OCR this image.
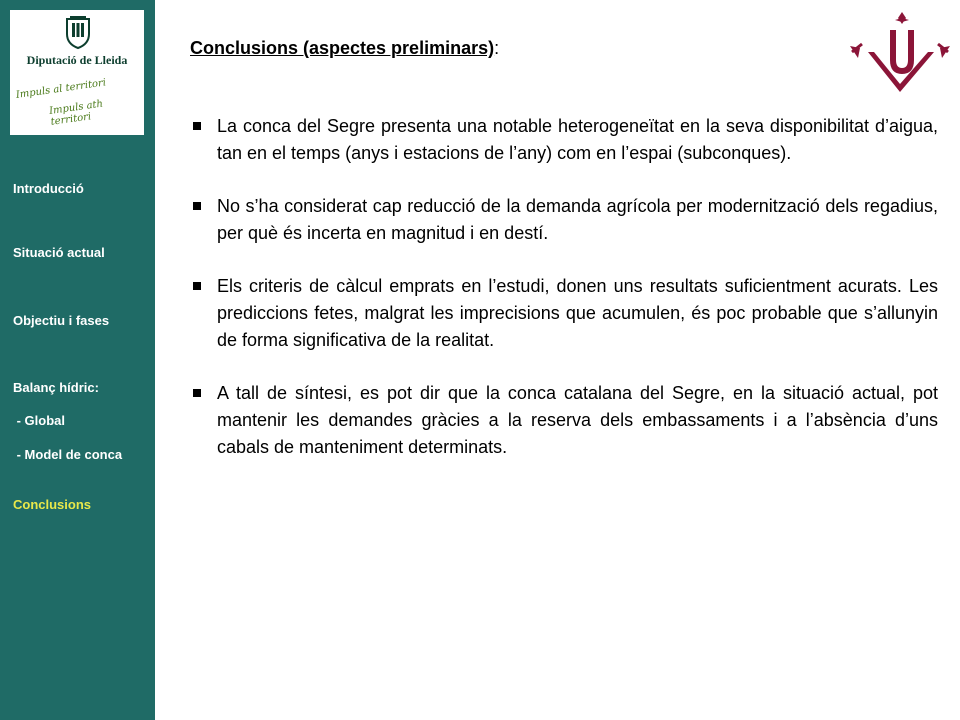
Diputació de Lleida
Impuls al territori
Impuls ath territori
Introducció
Situació actual
Objectiu i fases
Balanç hídric:
- Global
- Model de conca
Conclusions
Conclusions (aspectes preliminars):
La conca del Segre presenta una notable heterogeneïtat en la seva disponibilitat d’aigua, tan en el temps (anys i estacions de l’any) com en l’espai (subconques).
No s’ha considerat cap reducció de la demanda agrícola per modernització dels regadius, per què és incerta en magnitud i en destí.
Els criteris de càlcul emprats en l’estudi, donen uns resultats suficientment acurats. Les prediccions fetes, malgrat les imprecisions que acumulen, és poc probable que s’allunyin de forma significativa de la realitat.
A tall de síntesi, es pot dir que la conca catalana del Segre, en la situació actual, pot mantenir les demandes gràcies a la reserva dels embassaments i a l’absència d’uns cabals de manteniment determinats.
